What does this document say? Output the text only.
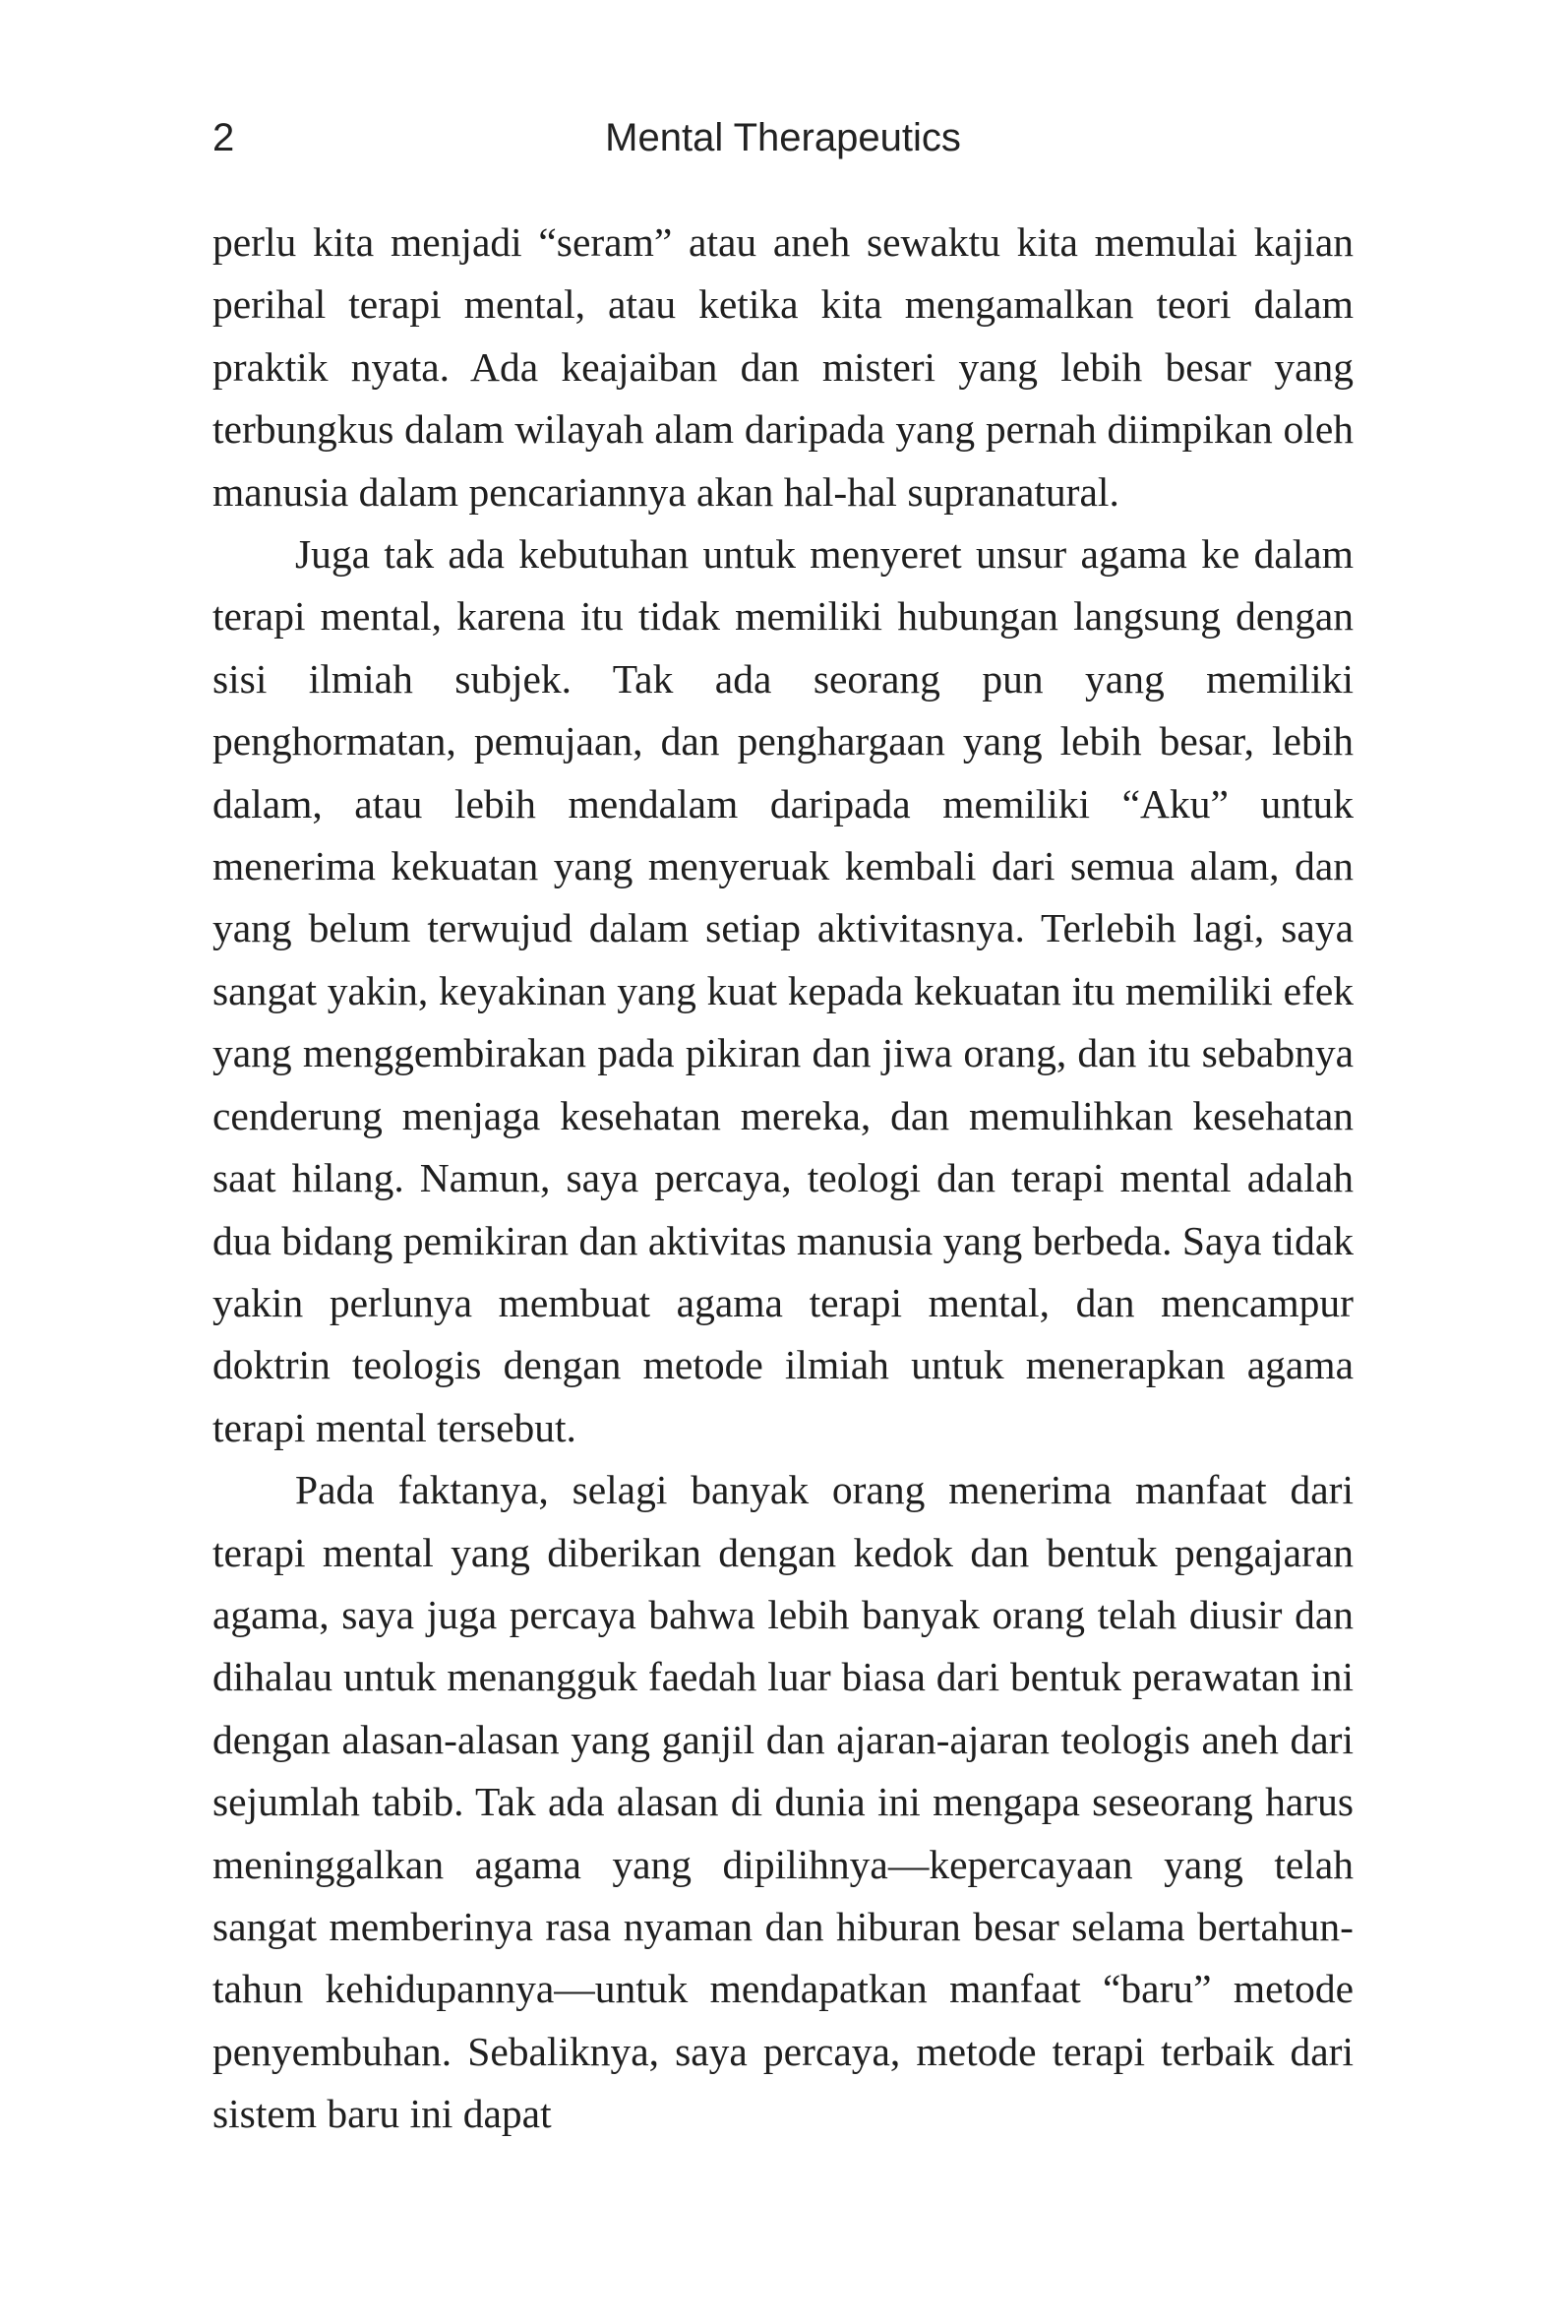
2	Mental Therapeutics

perlu kita menjadi “seram” atau aneh sewaktu kita memulai kajian perihal terapi mental, atau ketika kita mengamalkan teori dalam praktik nyata. Ada keajaiban dan misteri yang lebih besar yang terbungkus dalam wilayah alam daripada yang pernah diimpikan oleh manusia dalam pencariannya akan hal-hal supranatural.

Juga tak ada kebutuhan untuk menyeret unsur agama ke dalam terapi mental, karena itu tidak memiliki hubungan langsung dengan sisi ilmiah subjek. Tak ada seorang pun yang memiliki penghormatan, pemujaan, dan penghargaan yang lebih besar, lebih dalam, atau lebih mendalam daripada memiliki “Aku” untuk menerima kekuatan yang menyeruak kembali dari semua alam, dan yang belum terwujud dalam setiap aktivitasnya. Terlebih lagi, saya sangat yakin, keyakinan yang kuat kepada kekuatan itu memiliki efek yang menggembirakan pada pikiran dan jiwa orang, dan itu sebabnya cenderung menjaga kesehatan mereka, dan memulihkan kesehatan saat hilang. Namun, saya percaya, teologi dan terapi mental adalah dua bidang pemikiran dan aktivitas manusia yang berbeda. Saya tidak yakin perlunya membuat agama terapi mental, dan mencampur doktrin teologis dengan metode ilmiah untuk menerapkan agama terapi mental tersebut.

Pada faktanya, selagi banyak orang menerima manfaat dari terapi mental yang diberikan dengan kedok dan bentuk pengajaran agama, saya juga percaya bahwa lebih banyak orang telah diusir dan dihalau untuk menangguk faedah luar biasa dari bentuk perawatan ini dengan alasan-alasan yang ganjil dan ajaran-ajaran teologis aneh dari sejumlah tabib. Tak ada alasan di dunia ini mengapa seseorang harus meninggalkan agama yang dipilihnya—kepercayaan yang telah sangat memberinya rasa nyaman dan hiburan besar selama bertahun-tahun kehidupannya—untuk mendapatkan manfaat “baru” metode penyembuhan. Sebaliknya, saya percaya, metode terapi terbaik dari sistem baru ini dapat
